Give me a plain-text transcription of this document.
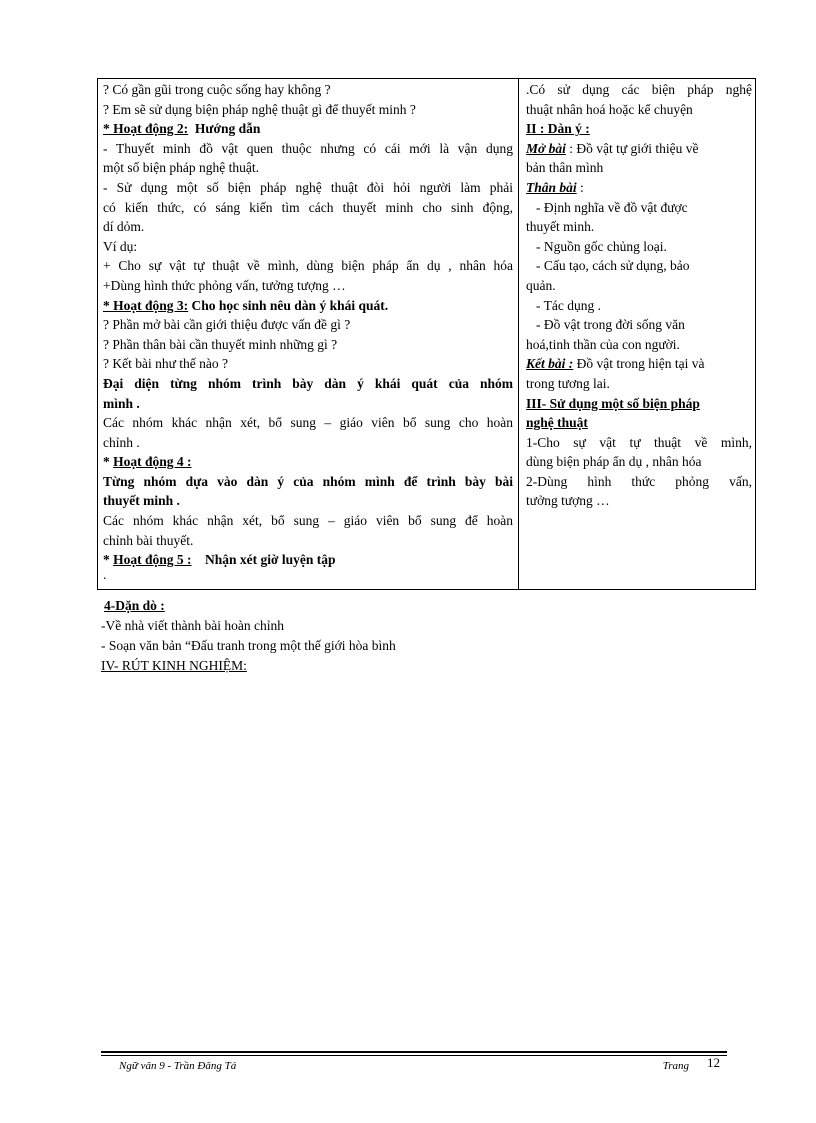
? Có gần gũi trong cuộc sống hay không ?
? Em sẽ sử dụng biện pháp nghệ thuật gì để thuyết minh ?
* Hoạt động 2: Hướng dẫn
- Thuyết minh đồ vật quen thuộc nhưng có cái mới là vận dụng
một số biện pháp nghệ thuật.
- Sử dụng một số biện pháp nghệ thuật đòi hỏi người làm phải
có kiến thức, có sáng kiến tìm cách thuyết minh cho sinh động,
dí dỏm.
Ví dụ:
+ Cho sự vật tự thuật về mình, dùng biện pháp ẩn dụ , nhân hóa
+Dùng hình thức phỏng vấn, tưởng tượng …
* Hoạt động 3: Cho học sinh nêu dàn ý khái quát.
? Phần mở bài cần giới thiệu được vấn đề gì ?
? Phần thân bài cần thuyết minh những gì ?
? Kết bài như thế nào ?
Đại diện từng nhóm trình bày dàn ý khái quát của nhóm
mình .
Các nhóm khác nhận xét, bổ sung – giáo viên bổ sung cho hoàn
chỉnh .
* Hoạt động 4 :
Từng nhóm dựa vào dàn ý của nhóm mình để trình bày bài
thuyết minh .
Các nhóm khác nhận xét, bổ sung – giáo viên bổ sung để hoàn
chỉnh bài thuyết.
* Hoạt động 5 : Nhận xét giờ luyện tập
.
.Có sử dụng các biện pháp nghệ
thuật nhân hoá hoặc kể chuyện
II : Dàn ý :
Mở bài : Đồ vật tự giới thiệu về
bản thân mình
Thân bài :
- Định nghĩa về đồ vật được
thuyết minh.
- Nguồn gốc chủng loại.
- Cấu tạo, cách sử dụng, bảo
quản.
- Tác dụng .
- Đồ vật trong đời sống văn
hoá,tinh thần của con người.
Kết bài : Đồ vật trong hiện tại và
trong tương lai.
III- Sử dụng một số biện pháp
nghệ thuật
1-Cho sự vật tự thuật về mình,
dùng biện pháp ẩn dụ , nhân hóa
2-Dùng hình thức phỏng vấn,
tưởng tượng …
4-Dặn dò :
-Về nhà viết thành bài hoàn chỉnh
- Soạn văn bản “Đấu tranh trong một thế giới hòa bình
IV- RÚT KINH NGHIỆM:
Ngữ văn 9 - Trần Đăng Tá	Trang 12
